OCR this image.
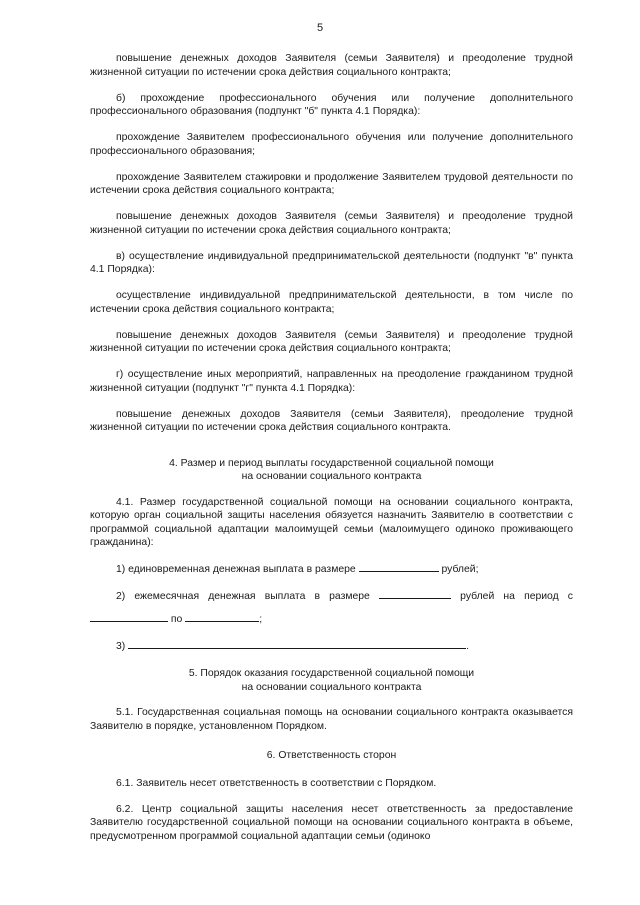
5

повышение денежных доходов Заявителя (семьи Заявителя) и преодоление трудной жизненной ситуации по истечении срока действия социального контракта;

б) прохождение профессионального обучения или получение дополнительного профессионального образования (подпункт "б" пункта 4.1 Порядка):

прохождение Заявителем профессионального обучения или получение дополнительного профессионального образования;

прохождение Заявителем стажировки и продолжение Заявителем трудовой деятельности по истечении срока действия социального контракта;

повышение денежных доходов Заявителя (семьи Заявителя) и преодоление трудной жизненной ситуации по истечении срока действия социального контракта;

в) осуществление индивидуальной предпринимательской деятельности (подпункт "в" пункта 4.1 Порядка):

осуществление индивидуальной предпринимательской деятельности, в том числе по истечении срока действия социального контракта;

повышение денежных доходов Заявителя (семьи Заявителя) и преодоление трудной жизненной ситуации по истечении срока действия социального контракта;

г) осуществление иных мероприятий, направленных на преодоление гражданином трудной жизненной ситуации (подпункт "г" пункта 4.1 Порядка):

повышение денежных доходов Заявителя (семьи Заявителя), преодоление трудной жизненной ситуации по истечении срока действия социального контракта.

4. Размер и период выплаты государственной социальной помощи
на основании социального контракта

4.1. Размер государственной социальной помощи на основании социального контракта, которую орган социальной защиты населения обязуется назначить Заявителю в соответствии с программой социальной адаптации малоимущей семьи (малоимущего одиноко проживающего гражданина):

1) единовременная денежная выплата в размере	рублей;

2) ежемесячная денежная выплата в размере	рублей на период с

по	;

3)	.

5. Порядок оказания государственной социальной помощи
на основании социального контракта

5.1. Государственная социальная помощь на основании социального контракта оказывается Заявителю в порядке, установленном Порядком.

6. Ответственность сторон

6.1. Заявитель несет ответственность в соответствии с Порядком.

6.2. Центр социальной защиты населения несет ответственность за предоставление Заявителю государственной социальной помощи на основании социального контракта в объеме, предусмотренном программой социальной адаптации семьи (одиноко
